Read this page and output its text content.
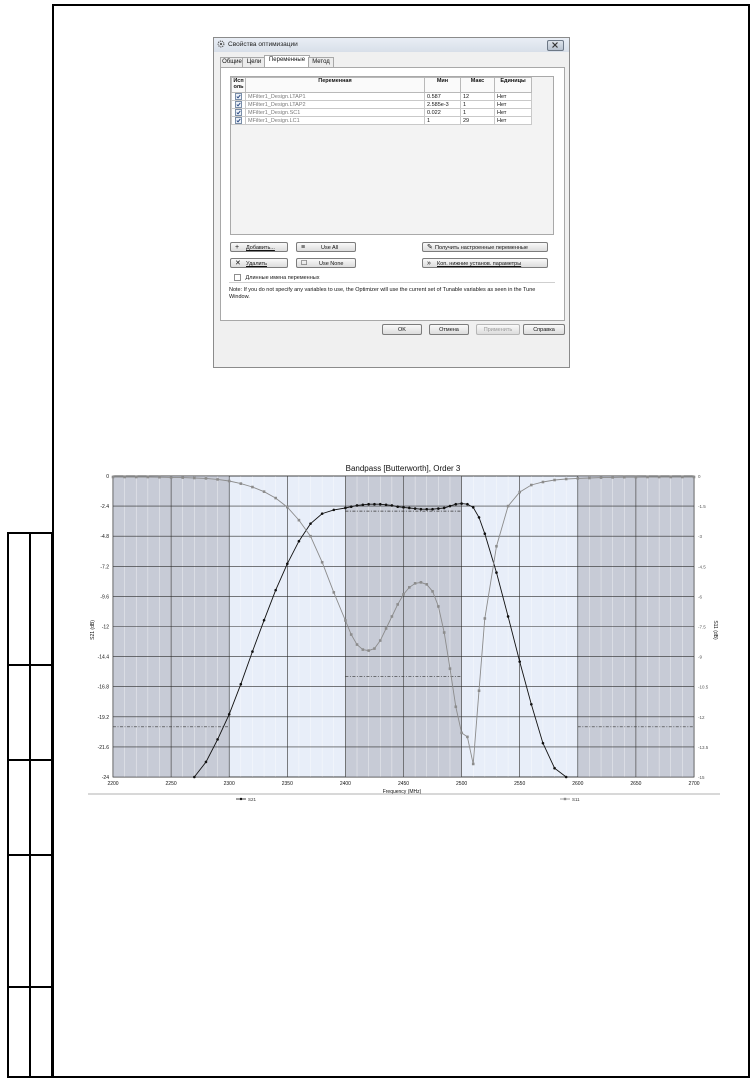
Свойства оптимизации
Общие Цели	Переменные	Метод
Исп
оль	Переменная	Мин	Макс	Единицы

	MFilter1_Design.LTAP1	0.587	12	Нет

	MFilter1_Design.LTAP2	2.585e-3	1	Нет

	MFilter1_Design.SC1	0.022	1	Нет

	MFilter1_Design.LC1	1	29	Нет
+ Добавить...	≡	Use All	✎ Получить настроенные переменные
✕ Удалить	☐ Use None	» Коп. нижние установ. параметры
Длинные имена переменных
Note: If you do not specify any variables to use, the Optimizer will use the current set of Tunable variables as seen in the Tune Window.
OK	Отмена	Применить	Справка
2200	2250	2300	2350	2400	2450	2500	2550	2600	2650	2700
0
-2.4
-4.8
-7.2
-9.6
-12
-14.4
-16.8
-19.2
-21.6
-24
0
-1.5
-3
-4.5
-6
-7.5
-9
-10.5
-12
-13.5
-15
Bandpass [Butterworth], Order 3
Frequency (MHz)
S21 (dB)	S11 (dB)
S21	S11
